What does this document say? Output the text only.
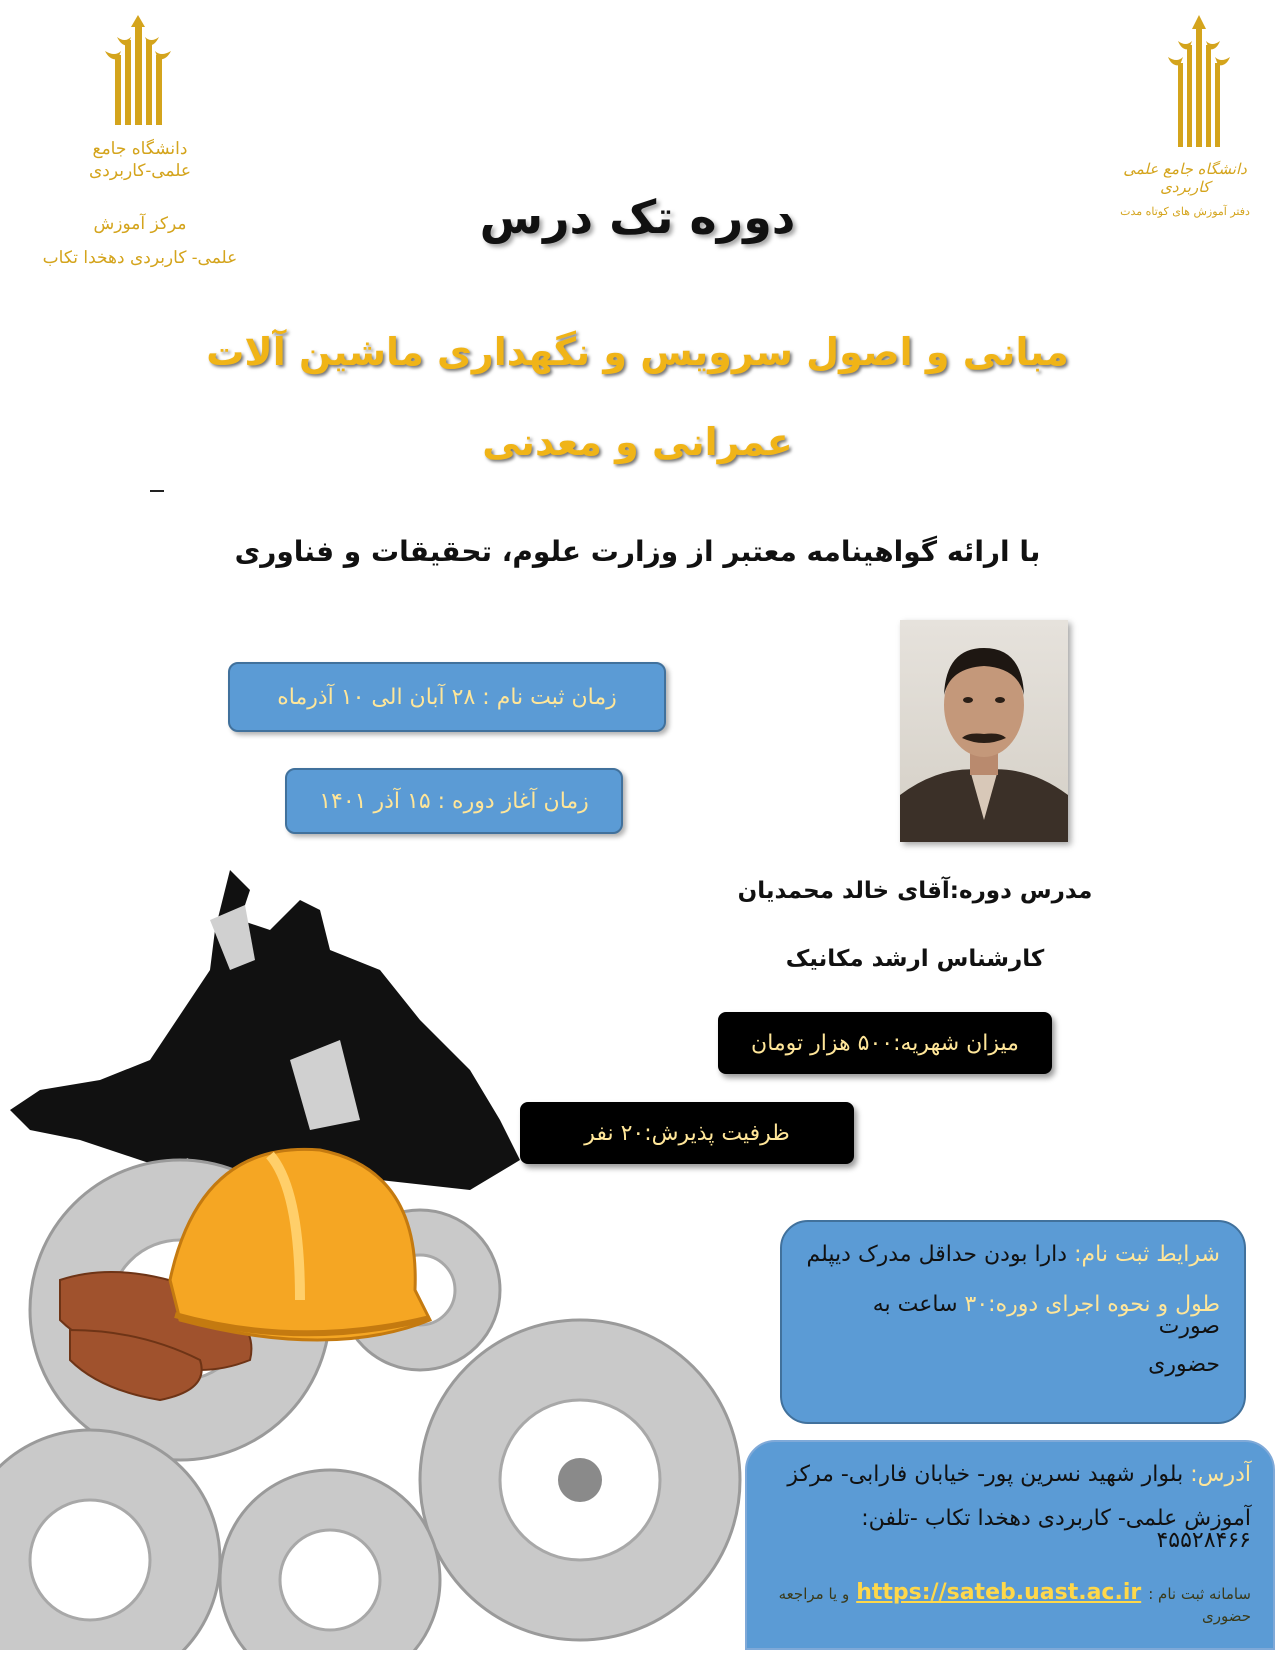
دانشگاه جامع
علمی-کاربردی
مرکز آموزش
علمی- کاربردی دهخدا تکاب
دانشگاه جامع علمی کاربردی
دفتر آموزش های کوتاه مدت
دوره تک درس
مبانی و اصول سرویس و نگهداری ماشین آلات
عمرانی و معدنی
با ارائه گواهینامه معتبر از وزارت علوم، تحقیقات و فناوری
زمان ثبت نام : ۲۸ آبان الی ۱۰ آذرماه
زمان آغاز دوره : ۱۵ آذر ۱۴۰۱
مدرس دوره:آقای خالد محمدیان
کارشناس ارشد مکانیک
میزان شهریه:۵۰۰ هزار تومان
ظرفیت پذیرش:۲۰ نفر
شرایط ثبت نام: دارا بودن حداقل مدرک دیپلم
طول و نحوه اجرای دوره:۳۰ ساعت به صورت
حضوری
آدرس: بلوار شهید نسرین پور- خیابان فارابی- مرکز
آموزش علمی- کاربردی دهخدا تکاب -تلفن: ۴۵۵۲۸۴۶۶
سامانه ثبت نام : https://sateb.uast.ac.ir و یا مراجعه حضوری
